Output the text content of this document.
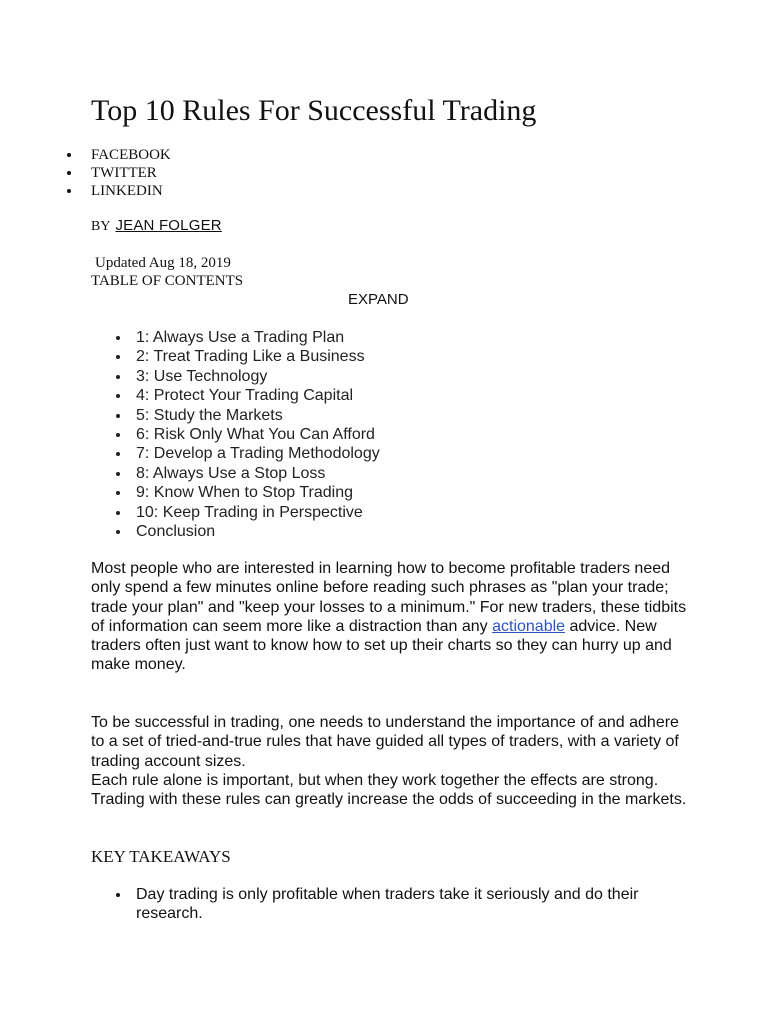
Top 10 Rules For Successful Trading
FACEBOOK
TWITTER
LINKEDIN
BY JEAN FOLGER
Updated Aug 18, 2019
TABLE OF CONTENTS
EXPAND
1: Always Use a Trading Plan
2: Treat Trading Like a Business
3: Use Technology
4: Protect Your Trading Capital
5: Study the Markets
6: Risk Only What You Can Afford
7: Develop a Trading Methodology
8: Always Use a Stop Loss
9: Know When to Stop Trading
10: Keep Trading in Perspective
Conclusion

Most people who are interested in learning how to become profitable traders need only spend a few minutes online before reading such phrases as "plan your trade; trade your plan" and "keep your losses to a minimum." For new traders, these tidbits of information can seem more like a distraction than any actionable advice. New traders often just want to know how to set up their charts so they can hurry up and make money.

To be successful in trading, one needs to understand the importance of and adhere to a set of tried-and-true rules that have guided all types of traders, with a variety of trading account sizes.
Each rule alone is important, but when they work together the effects are strong. Trading with these rules can greatly increase the odds of succeeding in the markets.

KEY TAKEAWAYS
Day trading is only profitable when traders take it seriously and do their research.
